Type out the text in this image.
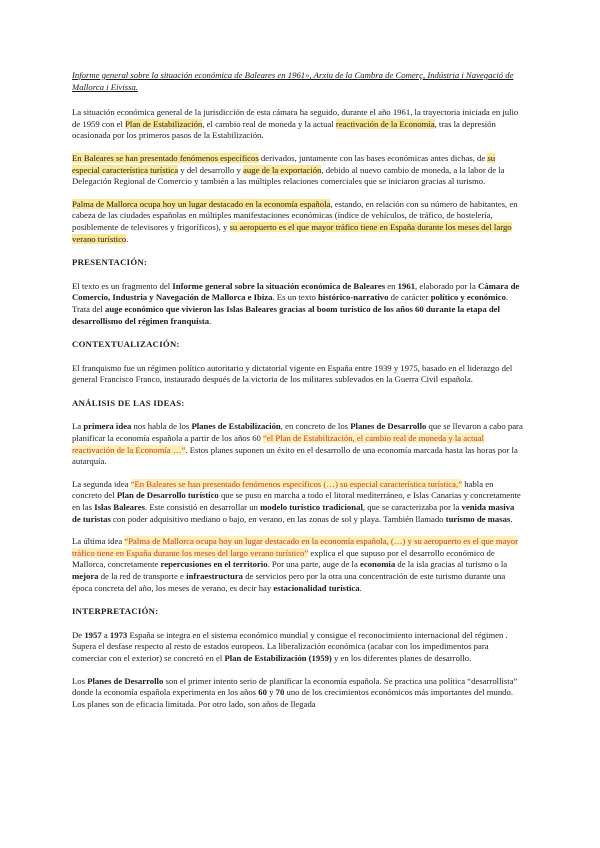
Informe general sobre la situación económica de Baleares en 1961», Arxiu de la Cambra de Comerç, Indústria i Navegació de Mallorca i Eivissa.

La situación económica general de la jurisdicción de esta cámara ha seguido, durante el año 1961, la trayectoria iniciada en julio de 1959 con el Plan de Estabilización, el cambio real de moneda y la actual reactivación de la Economía, tras la depresión ocasionada por los primeros pasos de la Estabilización.

En Baleares se han presentado fenómenos específicos derivados, juntamente con las bases económicas antes dichas, de su especial característica turística y del desarrollo y auge de la exportación, debido al nuevo cambio de moneda, a la labor de la Delegación Regional de Comercio y también a las múltiples relaciones comerciales que se iniciaron gracias al turismo.

Palma de Mallorca ocupa hoy un lugar destacado en la economía española, estando, en relación con su número de habitantes, en cabeza de las ciudades españolas en múltiples manifestaciones económicas (índice de vehículos, de tráfico, de hostelería, posiblemente de televisores y frigoríficos), y su aeropuerto es el que mayor tráfico tiene en España durante los meses del largo verano turístico.

PRESENTACIÓN:

El texto es un fragmento del Informe general sobre la situación económica de Baleares en 1961, elaborado por la Cámara de Comercio, Industria y Navegación de Mallorca e Ibiza. Es un texto histórico-narrativo de carácter político y económico. Trata del auge económico que vivieron las Islas Baleares gracias al boom turístico de los años 60 durante la etapa del desarrollismo del régimen franquista.

CONTEXTUALIZACIÓN:

El franquismo fue un régimen político autoritario y dictatorial vigente en España entre 1939 y 1975, basado en el liderazgo del general Francisco Franco, instaurado después de la victoria de los militares sublevados en la Guerra Civil española.

ANÁLISIS DE LAS IDEAS:

La primera idea nos habla de los Planes de Estabilización, en concreto de los Planes de Desarrollo que se llevaron a cabo para planificar la economía española a partir de los años 60 “el Plan de Estabilización, el cambio real de moneda y la actual reactivación de la Economía …”. Estos planes suponen un éxito en el desarrollo de una economía marcada hasta las horas por la autarquía.

La segunda idea “En Baleares se han presentado fenómenos específicos (…) su especial característica turística,” habla en concreto del Plan de Desarrollo turístico que se puso en marcha a todo el litoral mediterráneo, e Islas Canarias y concretamente en las Islas Baleares. Este consistió en desarrollar un modelo turístico tradicional, que se caracterizaba por la venida masiva de turistas con poder adquisitivo mediano o bajo, en verano, en las zonas de sol y playa. También llamado turismo de masas.

La última idea “Palma de Mallorca ocupa hoy un lugar destacado en la economía española, (…) y su aeropuerto es el que mayor tráfico tiene en España durante los meses del largo verano turístico” explica el que supuso por el desarrollo económico de Mallorca, concretamente repercusiones en el territorio. Por una parte, auge de la economía de la isla gracias al turismo o la mejora de la red de transporte e infraestructura de servicios pero por la otra una concentración de este turismo durante una época concreta del año, los meses de verano, es decir hay estacionalidad turística.

INTERPRETACIÓN:

De 1957 a 1973 España se integra en el sistema económico mundial y consigue el reconocimiento internacional del régimen . Supera el desfase respecto al resto de estados europeos. La liberalización económica (acabar con los impedimentos para comerciar con el exterior) se concretó en el Plan de Estabilización (1959) y en los diferentes planes de desarrollo.

Los Planes de Desarrollo son el primer intento serio de planificar la economía española. Se practica una política “desarrollista” donde la economía española experimenta en los años 60 y 70 uno de los crecimientos económicos más importantes del mundo. Los planes son de eficacia limitada. Por otro lado, son años de llegada
